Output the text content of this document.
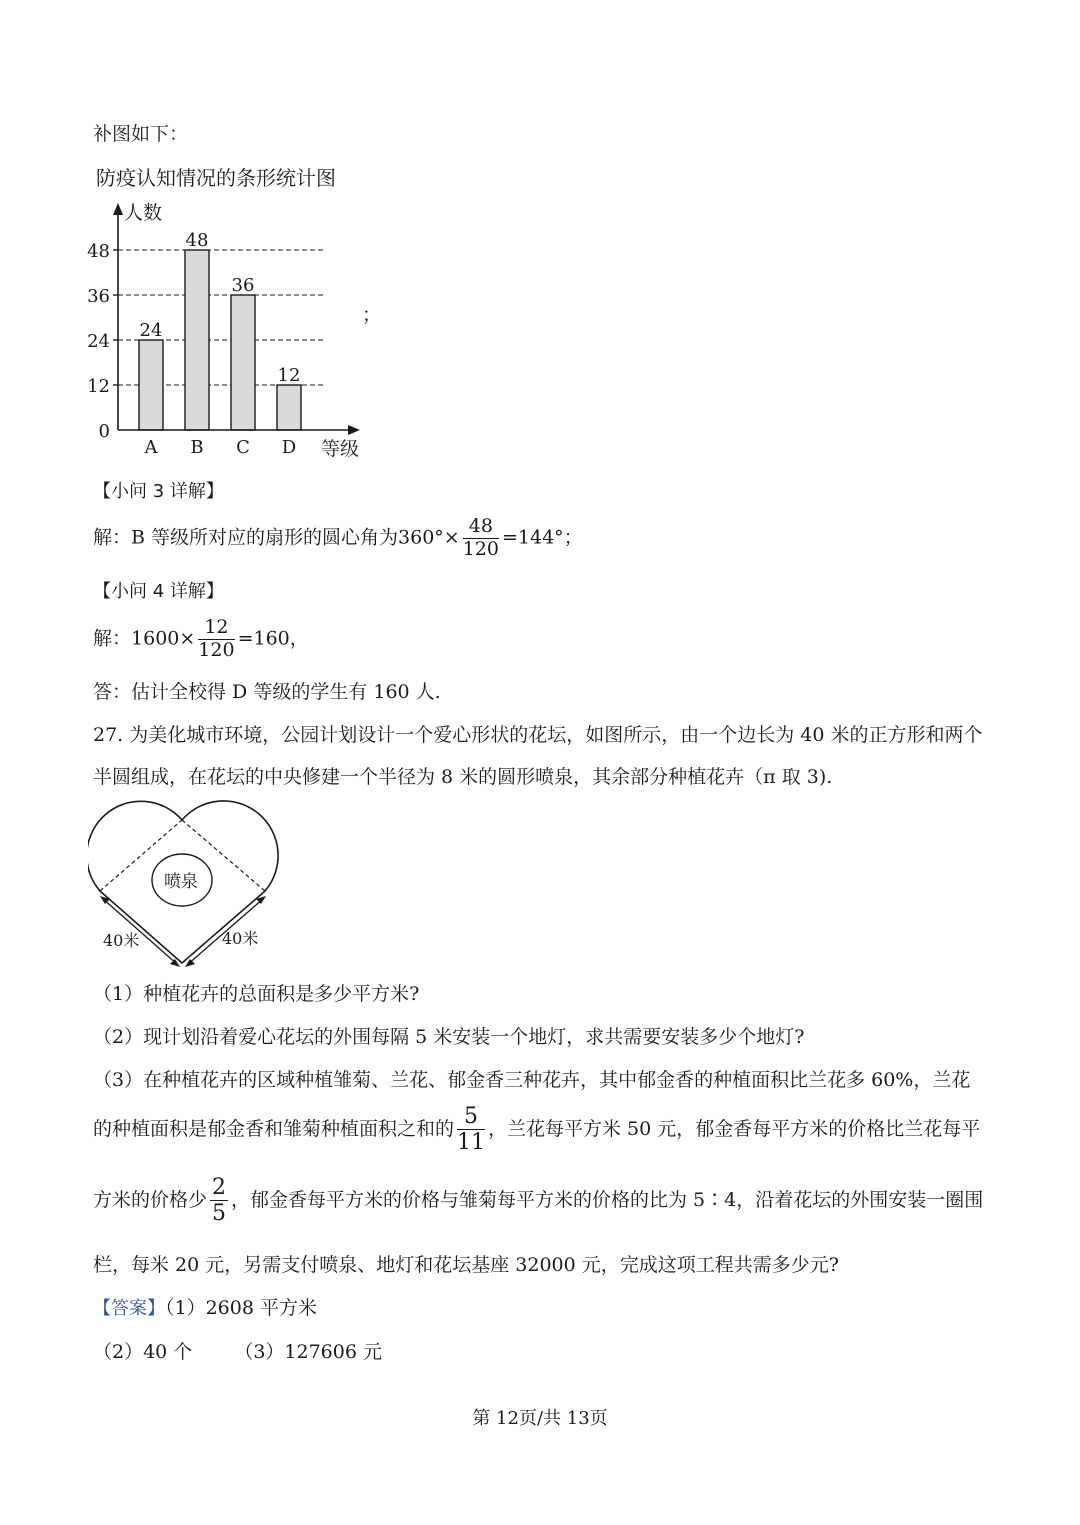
补图如下：
防疫认知情况的条形统计图
人数
等级
0
12
24
36
48
A B C D
24
48
36
12
；
【小问 3 详解】
解：B 等级所对应的扇形的圆心角为$360^\circ\times \frac{48}{120} =144^\circ$；
【小问 4 详解】
解：$1600\times \frac{12}{120} =160$，
答：估计全校得 D 等级的学生有 160 人.
27. 为美化城市环境，公园计划设计一个爱心形状的花坛，如图所示，由一个边长为 40 米的正方形和两个
半圆组成，在花坛的中央修建一个半径为 8 米的圆形喷泉，其余部分种植花卉（π 取 3).
喷泉
40米	40米
（1）种植花卉的总面积是多少平方米?
（2）现计划沿着爱心花坛的外围每隔 5 米安装一个地灯，求共需要安装多少个地灯?
（3）在种植花卉的区域种植雏菊、兰花、郁金香三种花卉，其中郁金香的种植面积比兰花多 60%，兰花
的种植面积是郁金香和雏菊种植面积之和的 $\frac{5}{11}$ ，兰花每平方米 50 元，郁金香每平方米的价格比兰花每平
方米的价格少 $\frac{2}{5}$ ，郁金香每平方米的价格与雏菊每平方米的价格的比为 5∶4，沿着花坛的外围安装一圈围
栏，每米 20 元，另需支付喷泉、地灯和花坛基座 32000 元，完成这项工程共需多少元?
【答案】（1）2608 平方米
（2）40 个 （3）127606 元
第 12页/共 13页
